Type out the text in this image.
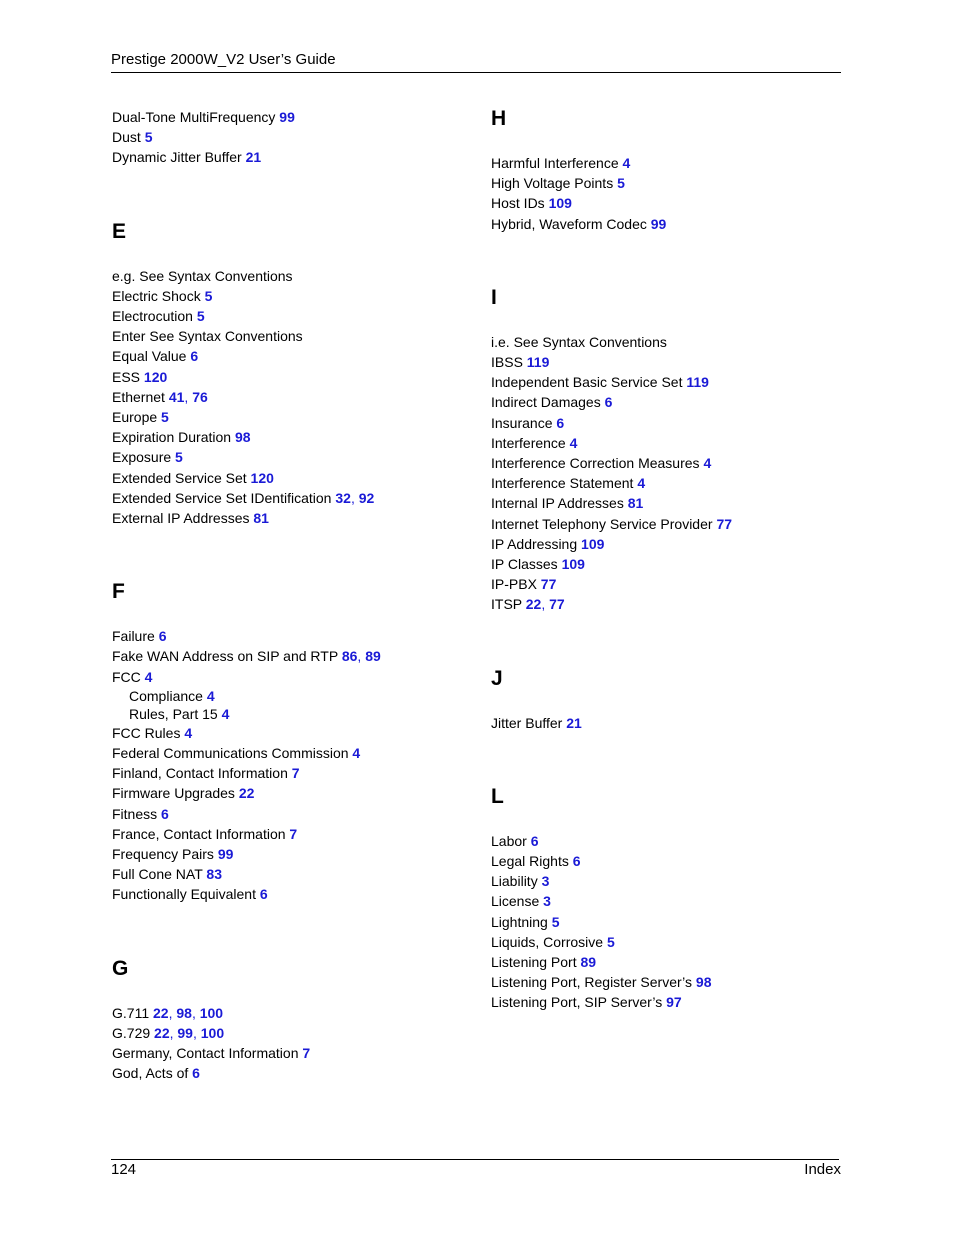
Prestige 2000W_V2 User’s Guide
Dual-Tone MultiFrequency 99
Dust 5
Dynamic Jitter Buffer 21
E
e.g. See Syntax Conventions
Electric Shock 5
Electrocution 5
Enter See Syntax Conventions
Equal Value 6
ESS 120
Ethernet 41, 76
Europe 5
Expiration Duration 98
Exposure 5
Extended Service Set 120
Extended Service Set IDentification 32, 92
External IP Addresses 81
F
Failure 6
Fake WAN Address on SIP and RTP 86, 89
FCC 4
Compliance 4
Rules, Part 15 4
FCC Rules 4
Federal Communications Commission 4
Finland, Contact Information 7
Firmware Upgrades 22
Fitness 6
France, Contact Information 7
Frequency Pairs 99
Full Cone NAT 83
Functionally Equivalent 6
G
G.711 22, 98, 100
G.729 22, 99, 100
Germany, Contact Information 7
God, Acts of 6
H
Harmful Interference 4
High Voltage Points 5
Host IDs 109
Hybrid, Waveform Codec 99
I
i.e. See Syntax Conventions
IBSS 119
Independent Basic Service Set 119
Indirect Damages 6
Insurance 6
Interference 4
Interference Correction Measures 4
Interference Statement 4
Internal IP Addresses 81
Internet Telephony Service Provider 77
IP Addressing 109
IP Classes 109
IP-PBX 77
ITSP 22, 77
J
Jitter Buffer 21
L
Labor 6
Legal Rights 6
Liability 3
License 3
Lightning 5
Liquids, Corrosive 5
Listening Port 89
Listening Port, Register Server’s 98
Listening Port, SIP Server’s 97
124	Index
